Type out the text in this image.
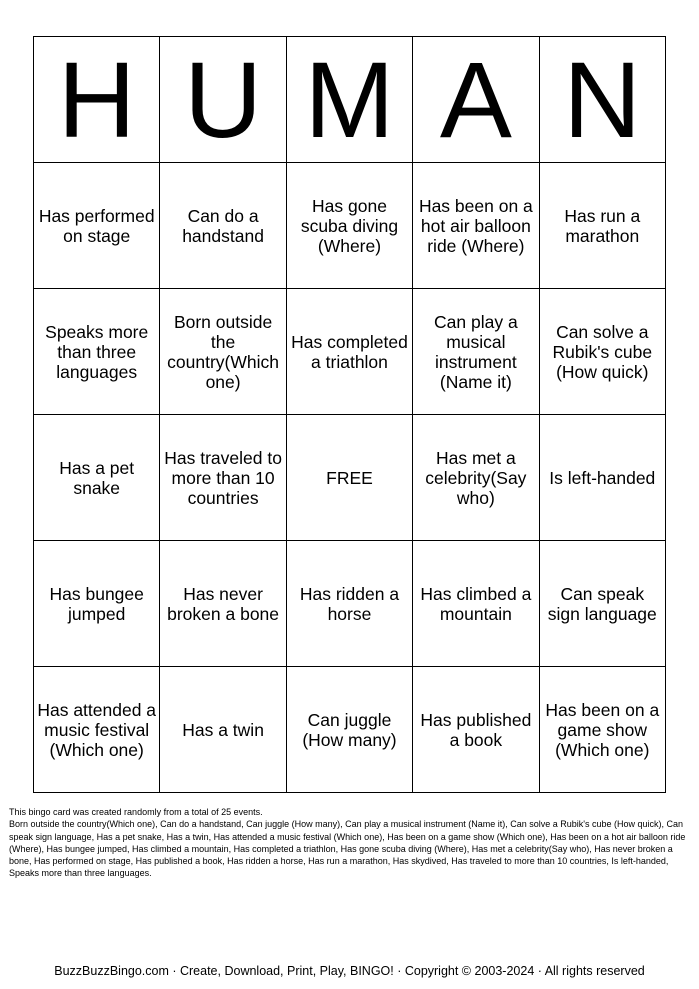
H	U	M	A	N
Has performed on stage	Can do a handstand	Has gone scuba diving (Where)	Has been on a hot air balloon ride (Where)	Has run a marathon
Speaks more than three languages	Born outside the country(Which one)	Has completed a triathlon	Can play a musical instrument (Name it)	Can solve a Rubik's cube (How quick)
Has a pet snake	Has traveled to more than 10 countries	FREE	Has met a celebrity(Say who)	Is left-handed
Has bungee jumped	Has never broken a bone	Has ridden a horse	Has climbed a mountain	Can speak sign language
Has attended a music festival (Which one)	Has a twin	Can juggle (How many)	Has published a book	Has been on a game show (Which one)

This bingo card was created randomly from a total of 25 events.

Born outside the country(Which one), Can do a handstand, Can juggle (How many), Can play a musical instrument (Name it), Can solve a Rubik's cube (How quick), Can speak sign language, Has a pet snake, Has a twin, Has attended a music festival (Which one), Has been on a game show (Which one), Has been on a hot air balloon ride (Where), Has bungee jumped, Has climbed a mountain, Has completed a triathlon, Has gone scuba diving (Where), Has met a celebrity(Say who), Has never broken a bone, Has performed on stage, Has published a book, Has ridden a horse, Has run a marathon, Has skydived, Has traveled to more than 10 countries, Is left-handed, Speaks more than three languages.

BuzzBuzzBingo.com · Create, Download, Print, Play, BINGO! · Copyright © 2003-2024 · All rights reserved
